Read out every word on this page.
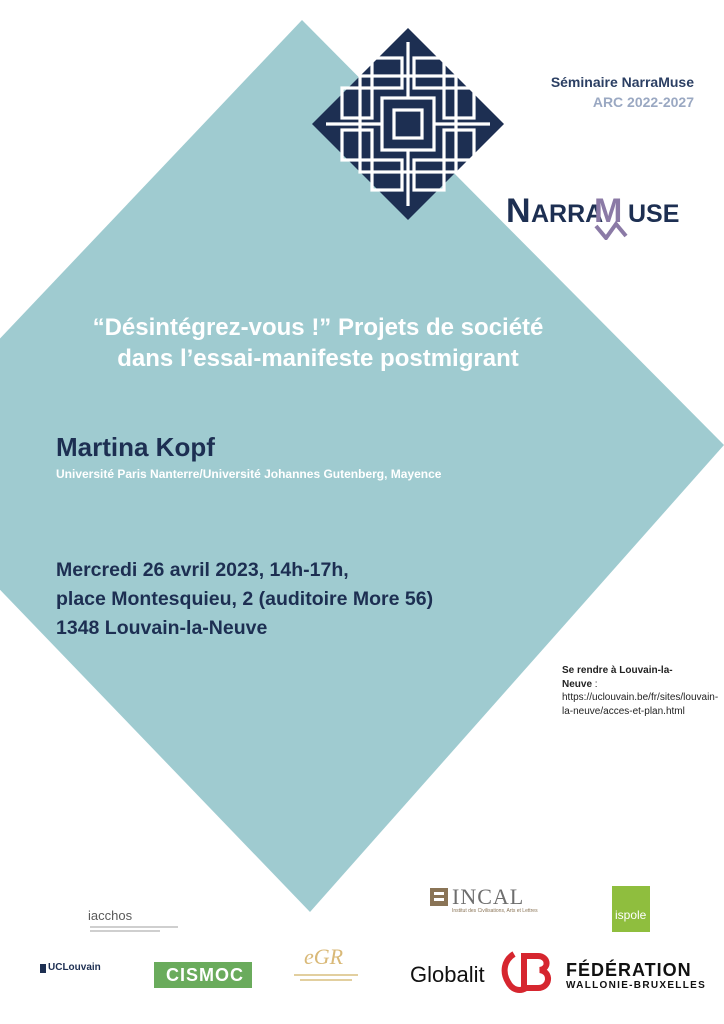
Séminaire NarraMuse
ARC 2022-2027
N ARRA
M USE
“Désintégrez-vous !” Projets de société
dans l’essai-manifeste postmigrant
Martina Kopf
Université Paris Nanterre/Université Johannes Gutenberg, Mayence
Mercredi 26 avril 2023, 14h-17h,
place Montesquieu, 2 (auditoire More 56)
1348 Louvain-la-Neuve
Se rendre à Louvain-la-Neuve : https://uclouvain.be/fr/sites/louvain-la-neuve/acces-et-plan.html
INCAL
Institut des Civilisations, Arts et Lettres	ispole
iacchos
UCLouvain	CISMOC
eGR
Globalit	FÉDÉRATION
WALLONIE-BRUXELLES
